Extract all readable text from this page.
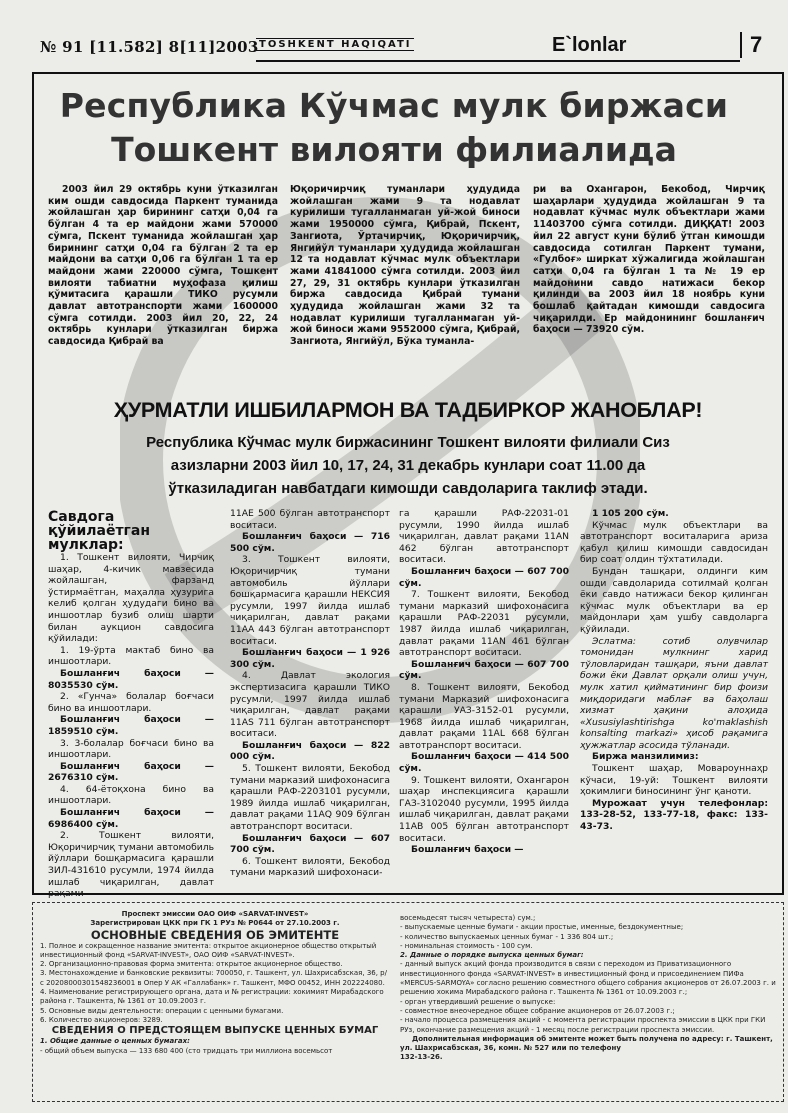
№ 91 [11.582] 8[11]2003 TOSHKENT HAQIQATI	E`lonlar	7
Республика Кўчмас мулк биржаси
Тошкент вилояти филиалида

2003 йил 29 октябрь куни ўтказилган ким ошди савдосида Паркент туманида жойлашган ҳар бирининг сатҳи 0,04 га бўлган 4 та ер майдони жами 570000 сўмга, Пскент туманида жойлашган ҳар бирининг сатҳи 0,04 га бўлган 2 та ер майдони ва сатҳи 0,06 га бўлган 1 та ер майдони жами 220000 сўмга, Тошкент вилояти табиатни муҳофаза қилиш қўмитасига қарашли ТИКО русумли давлат автотранспорти жами 1600000 сўмга сотилди. 2003 йил 20, 22, 24 октябрь кунлари ўтказилган биржа савдосида Қибрай ва

Юқоричирчиқ туманлари ҳудудида жойлашган жами 9 та нодавлат курилиши тугалланмаган уй-жой биноси жами 1950000 сўмга, Қибрай, Пскент, Зангиота, Ўртачирчиқ, Юқоричирчиқ, Янгийўл туманлари ҳудудида жойлашган 12 та нодавлат кўчмас мулк объектлари жами 41841000 сўмга сотилди. 2003 йил 27, 29, 31 октябрь кунлари ўтказилган биржа савдосида Қибрай тумани ҳудудида жойлашган жами 32 та нодавлат курилиши тугалланмаган уй-жой биноси жами 9552000 сўмга, Қибрай, Зангиота, Янгийўл, Бўка туманла-

ри ва Охангарон, Бекобод, Чирчиқ шаҳарлари ҳудудида жойлашган 9 та нодавлат кўчмас мулк объектлари жами 11403700 сўмга сотилди. ДИҚҚАТ! 2003 йил 22 август куни бўлиб ўтган кимошди савдосида сотилган Паркент тумани, «Гулбоғ» ширкат хўжалигида жойлашган сатҳи 0,04 га бўлган 1 та № 19 ер майдонини савдо натижаси бекор қилинди ва 2003 йил 18 ноябрь куни бошлаб қайтадан кимошди савдосига чиқарилди. Ер майдонининг бошланғич баҳоси — 73920 сўм.

ҲУРМАТЛИ ИШБИЛАРМОН ВА ТАДБИРКОР ЖАНОБЛАР!
Республика Кўчмас мулк биржасининг Тошкент вилояти филиали Сиз
азизларни 2003 йил 10, 17, 24, 31 декабрь кунлари соат 11.00 да
ўтказиладиган навбатдаги кимошди савдоларига таклиф этади.

Савдога қўйилаётган мулклар:

1. Тошкент вилояти, Чирчиқ шаҳар, 4-кичик мавзесида жойлашган, фарзанд ўстирмаётган, маҳалла ҳузурига келиб қолган ҳудудаги бино ва иншоотлар бузиб олиш шарти билан аукцион савдосига қўйилади:

1. 19-ўрта мактаб бино ва иншоотлари.

Бошланғич баҳоси — 8035530 сўм.

2. «Гунча» болалар боғчаси бино ва иншоотлари.

Бошланғич баҳоси — 1859510 сўм.

3. 3-болалар боғчаси бино ва иншоотлари.

Бошланғич баҳоси — 2676310 сўм.

4. 64-ётоқхона бино ва иншоотлари.

Бошланғич баҳоси — 6986400 сўм.

2. Тошкент вилояти, Юқоричирчиқ тумани автомобиль йўллари бошқармасига қарашли ЗИЛ-431610 русумли, 1974 йилда ишлаб чиқарилган, давлат рақами

11АЕ 500 бўлган автотранспорт воситаси.

Бошланғич баҳоси — 716 500 сўм.

3. Тошкент вилояти, Юқоричирчиқ тумани автомобиль йўллари бошқармасига қарашли НЕКСИЯ русумли, 1997 йилда ишлаб чиқарилган, давлат рақами 11АА 443 бўлган автотранспорт воситаси.

Бошланғич баҳоси — 1 926 300 сўм.

4. Давлат экология экспертизасига қарашли ТИКО русумли, 1997 йилда ишлаб чиқарилган, давлат рақами 11АS 711 бўлган автотранспорт воситаси.

Бошланғич баҳоси — 822 000 сўм.

5. Тошкент вилояти, Бекобод тумани марказий шифохонасига қарашли РАФ-2203101 русумли, 1989 йилда ишлаб чиқарилган, давлат рақами 11АQ 909 бўлган автотранспорт воситаси.

Бошланғич баҳоси — 607 700 сўм.

6. Тошкент вилояти, Бекобод тумани марказий шифохонаси-

га қарашли РАФ-22031-01 русумли, 1990 йилда ишлаб чиқарилган, давлат рақами 11AN 462 бўлган автотранспорт воситаси.

Бошланғич баҳоси — 607 700 сўм.

7. Тошкент вилояти, Бекобод тумани марказий шифохонасига қарашли РАФ-22031 русумли, 1987 йилда ишлаб чиқарилган, давлат рақами 11AN 461 бўлган автотранспорт воситаси.

Бошланғич баҳоси — 607 700 сўм.

8. Тошкент вилояти, Бекобод тумани Марказий шифохонасига қарашли УАЗ-3152-01 русумли, 1968 йилда ишлаб чиқарилган, давлат рақами 11AL 668 бўлган автотранспорт воситаси.

Бошланғич баҳоси — 414 500 сўм.

9. Тошкент вилояти, Охангарон шаҳар инспекциясига қарашли ГАЗ-3102040 русумли, 1995 йилда ишлаб чиқарилган, давлат рақами 11АВ 005 бўлган автотранспорт воситаси.

Бошланғич баҳоси —

1 105 200 сўм.

Кўчмас мулк объектлари ва автотранспорт воситаларига ариза қабул қилиш кимошди савдосидан бир соат олдин тўхтатилади.

Бундан ташқари, олдинги ким ошди савдоларида сотилмай қолган ёки савдо натижаси бекор қилинган кўчмас мулк объектлари ва ер майдонлари ҳам ушбу савдоларга қўйилади.

Эслатма: сотиб олувчилар томонидан мулкнинг харид тўловларидан ташқари, яъни давлат божи ёки Давлат орқали олиш учун, мулк хатил қийматининг бир фоизи миқдоридаги маблағ ва баҳолаш хизмат ҳақини алоҳида «Xususiylashtirishga ko'maklashish konsalting markazi» ҳисоб рақамига ҳужжатлар асосида тўланади.

Биржа манзилимиз:

Тошкент шаҳар, Мовароуннаҳр кўчаси, 19-уй: Тошкент вилояти ҳокимлиги биносининг ўнг қаноти.

Мурожаат учун телефонлар: 133-28-52, 133-77-18, факс: 133-43-73.

Проспект эмиссии ОАО ОИФ «SARVAT-INVEST»

Зарегистрирован ЦКК при ГК 1 РУз № Р0644 от 27.10.2003 г.

ОСНОВНЫЕ СВЕДЕНИЯ ОБ ЭМИТЕНТЕ

1. Полное и сокращенное название эмитента: открытое акционерное общество открытый инвестиционный фонд «SARVAT-INVEST», ОАО ОИФ «SARVAT-INVEST».

2. Организационно-правовая форма эмитента: открытое акционерное общество.

3. Местонахождение и банковские реквизиты: 700050, г. Ташкент, ул. Шахрисабзская, 36, р/с 20208000301548236001 в Опер У АК «Галлабанк» г. Ташкент, МФО 00452, ИНН 202224080.

4. Наименование регистрирующего органа, дата и № регистрации: хокимият Мирабадского района г. Ташкента, № 1361 от 10.09.2003 г.

5. Основные виды деятельности: операции с ценными бумагами.

6. Количество акционеров: 3289.

СВЕДЕНИЯ О ПРЕДСТОЯЩЕМ ВЫПУСКЕ ЦЕННЫХ БУМАГ

1. Общие данные о ценных бумагах:

- общий объем выпуска — 133 680 400 (сто тридцать три миллиона восемьсот

восемьдесят тысяч четыреста) сум.;

- выпускаемые ценные бумаги - акции простые, именные, бездокументные;

- количество выпускаемых ценных бумаг - 1 336 804 шт.;

- номинальная стоимость - 100 сум.

2. Данные о порядке выпуска ценных бумаг:

- данный выпуск акций фонда производится в связи с переходом из Приватизационного инвестиционного фонда «SARVAT-INVEST» в инвестиционный фонд и присоединением ПИФа «MERCUS-SARMOYA» согласно решению совместного общего собрания акционеров от 26.07.2003 г. и решению хокима Мирабадского района г. Ташкента № 1361 от 10.09.2003 г.;

- орган утвердивший решение о выпуске:

- совместное внеочередное общее собрание акционеров от 26.07.2003 г.;

- начало процесса размещения акций - с момента регистрации проспекта эмиссии в ЦКК при ГКИ РУз, окончание размещения акций - 1 месяц после регистрации проспекта эмиссии.

Дополнительная информация об эмитенте может быть получена по адресу: г. Ташкент, ул. Шахрисабзская, 36, комн. № 527 или по телефону

132-13-26.
